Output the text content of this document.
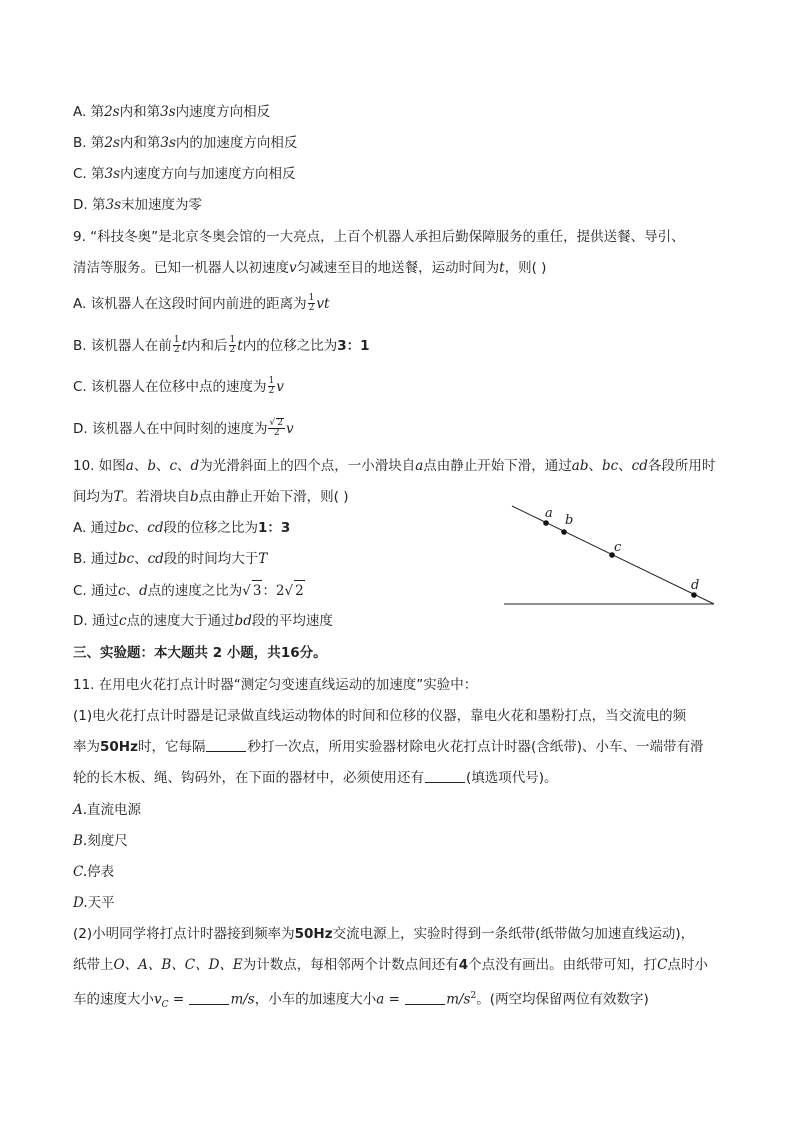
A. 第2s内和第3s内速度方向相反
B. 第2s内和第3s内的加速度方向相反
C. 第3s内速度方向与加速度方向相反
D. 第3s末加速度为零
9. “科技冬奥”是北京冬奥会馆的一大亮点，上百个机器人承担后勤保障服务的重任，提供送餐、导引、
清洁等服务。已知一机器人以初速度v匀减速至目的地送餐，运动时间为t，则( )
A. 该机器人在这段时间内前进的距离为 $\frac{1}{2}$ vt
B. 该机器人在前 $\frac{1}{2}$ t内和后 $\frac{1}{2}$ t内的位移之比为3：1
C. 该机器人在位移中点的速度为 $\frac{1}{2}$ v
D. 该机器人在中间时刻的速度为 $\frac{√ 2}{2}$ v
10. 如图a、b、c、d为光滑斜面上的四个点，一小滑块自a点由静止开始下滑，通过ab、bc、cd各段所用时
间均为T。若滑块自b点由静止开始下滑，则( )
A. 通过bc、cd段的位移之比为1：3
B. 通过bc、cd段的时间均大于T
C. 通过c、d点的速度之比为√ 3：2√ 2
D. 通过c点的速度大于通过bd段的平均速度
a b
c
d
三、实验题：本大题共 2 小题，共16分。
11. 在用电火花打点计时器“测定匀变速直线运动的加速度”实验中：
(1)电火花打点计时器是记录做直线运动物体的时间和位移的仪器，靠电火花和墨粉打点，当交流电的频
率为50Hz时，它每隔	秒打一次点，所用实验器材除电火花打点计时器(含纸带)、小车、一端带有滑
轮的长木板、绳、钩码外，在下面的器材中，必须使用还有	(填选项代号)。
A.直流电源
B.刻度尺
C.停表
D.天平
(2)小明同学将打点计时器接到频率为50Hz交流电源上，实验时得到一条纸带(纸带做匀加速直线运动)，
纸带上O、A、B、C、D、E为计数点，每相邻两个计数点间还有4个点没有画出。由纸带可知，打C点时小
车的速度大小$v_C$ =	m/s，小车的加速度大小a =	$m/s^2$。(两空均保留两位有效数字)
